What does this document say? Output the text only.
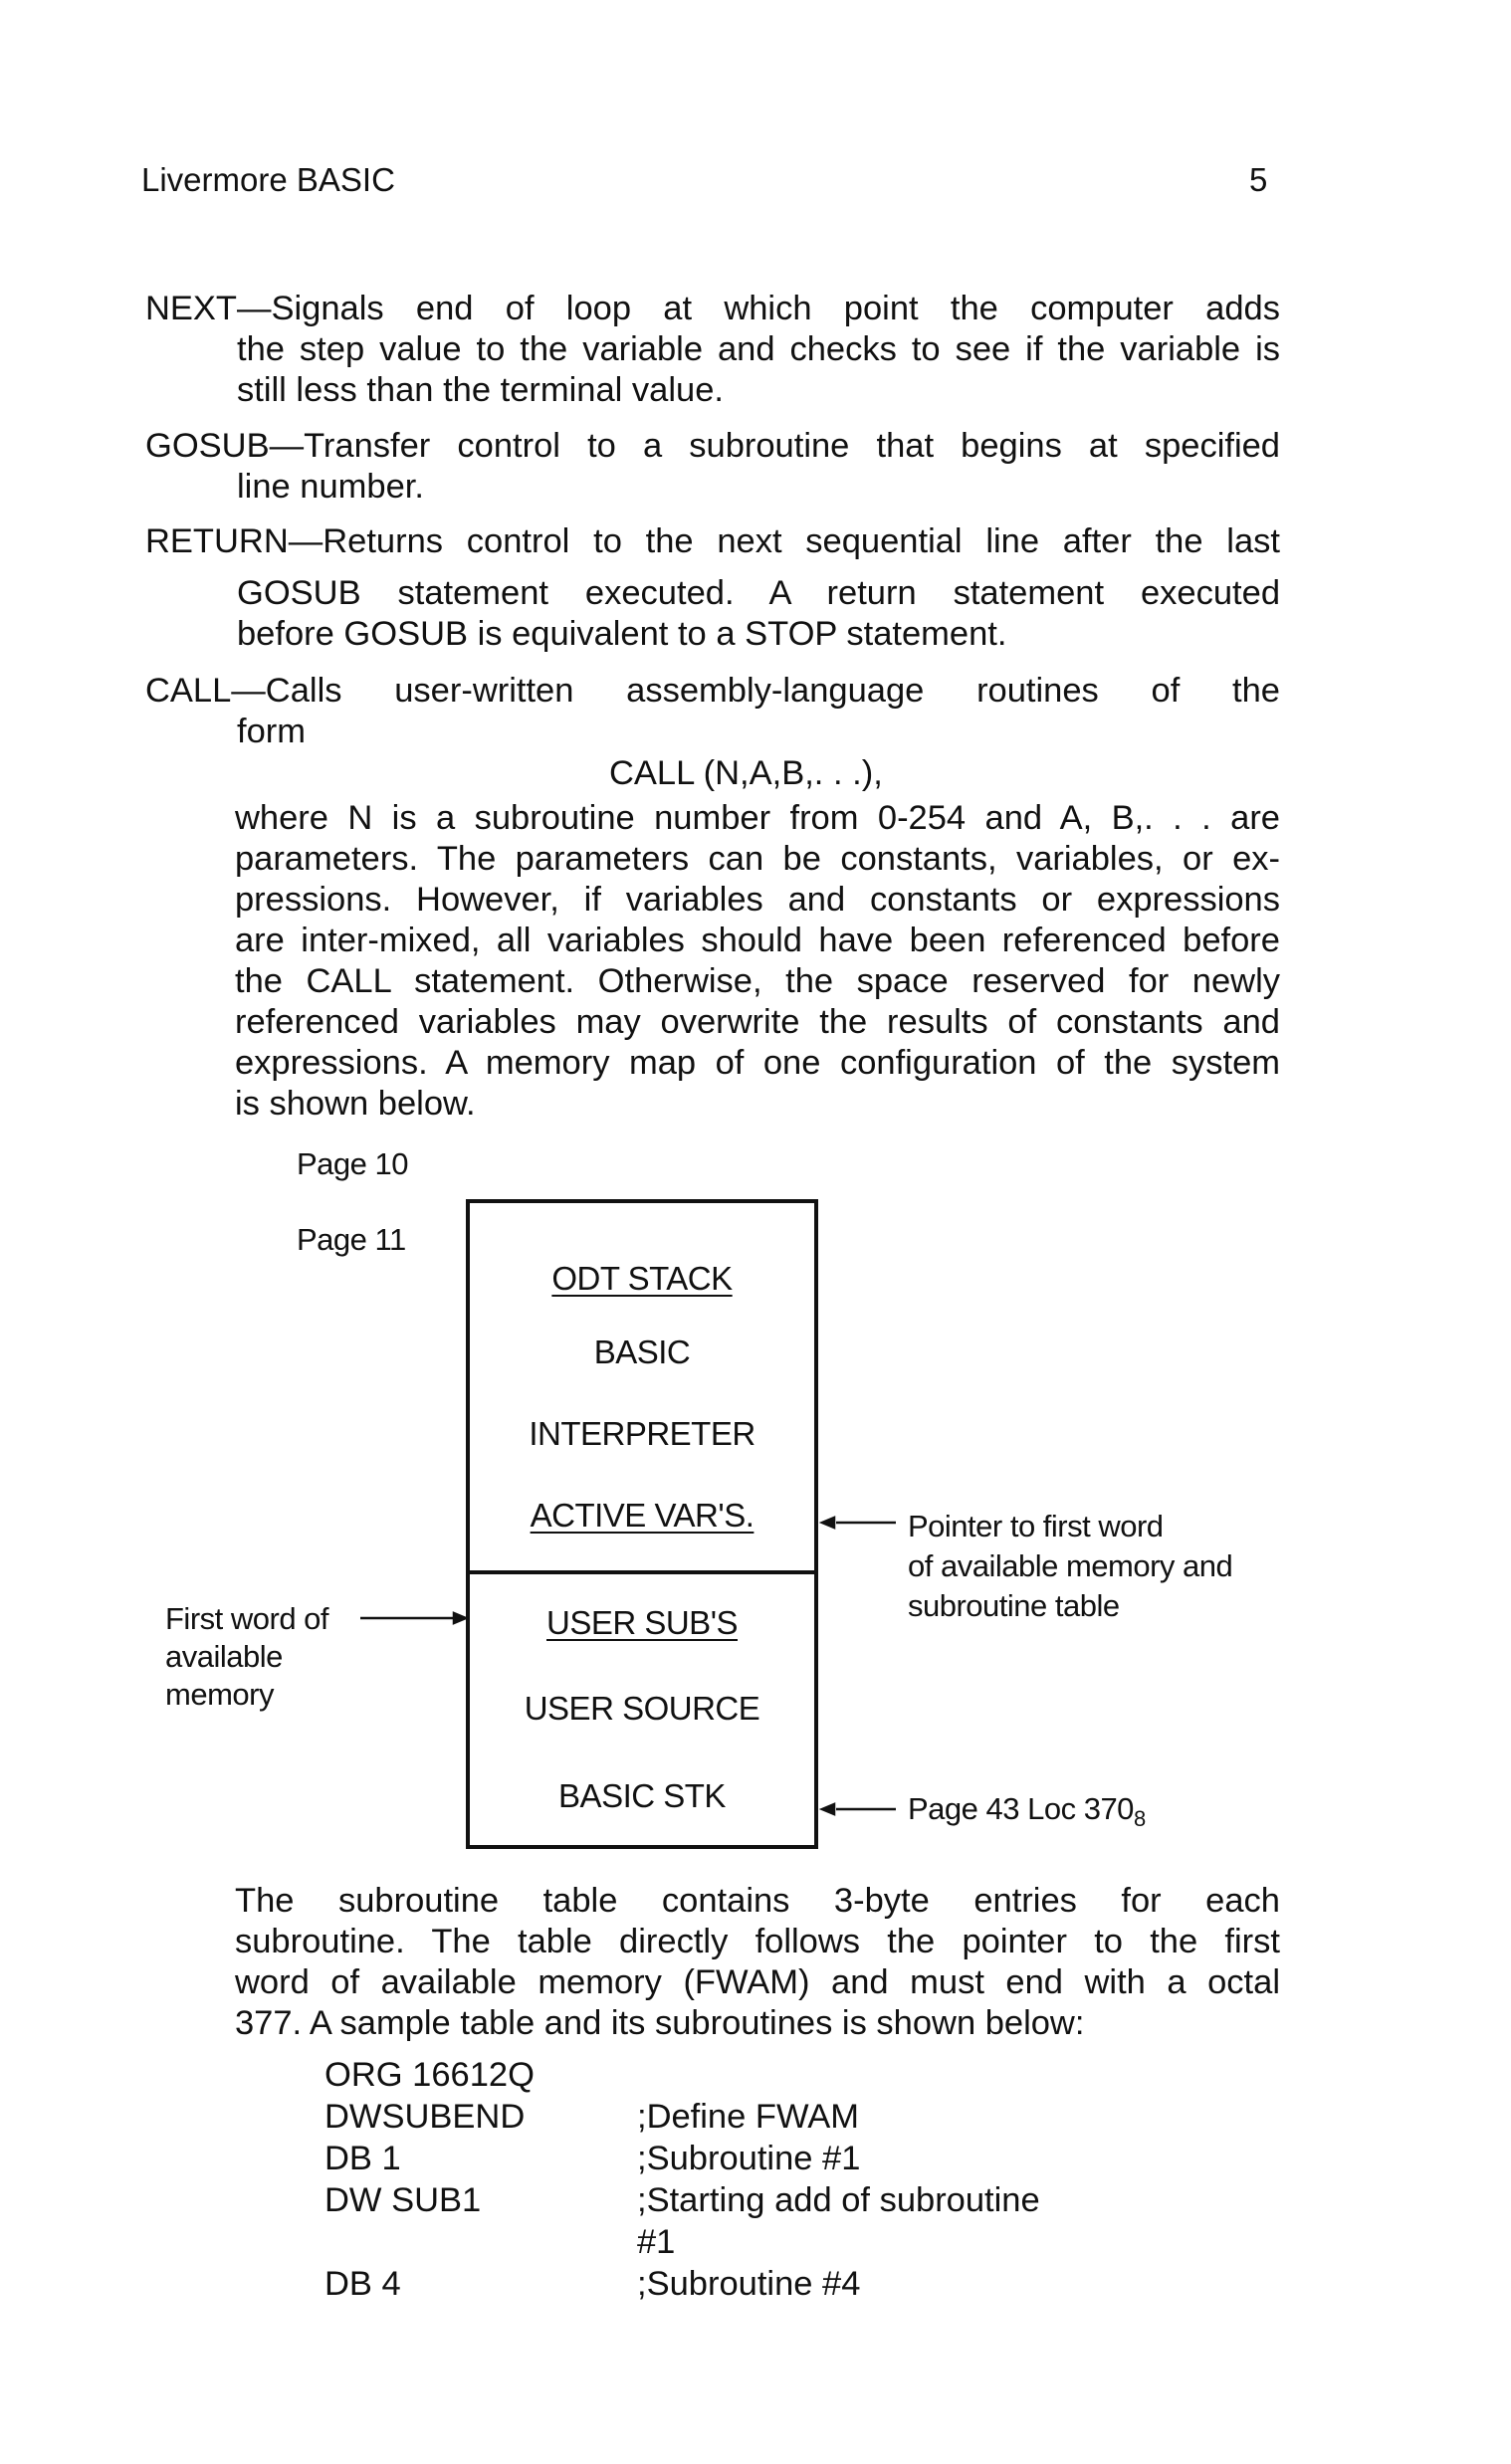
Livermore BASIC	5
NEXT—Signals end of loop at which point the computer adds
the step value to the variable and checks to see if the variable is
still less than the terminal value.
GOSUB—Transfer control to a subroutine that begins at specified
line number.
RETURN—Returns control to the next sequential line after the last
GOSUB statement executed. A return statement executed
before GOSUB is equivalent to a STOP statement.
CALL—Calls user-written assembly-language routines of the
form
CALL (N,A,B,. . .),
where N is a subroutine number from 0-254 and A, B,. . . are
parameters. The parameters can be constants, variables, or ex-
pressions. However, if variables and constants or expressions
are inter-mixed, all variables should have been referenced before
the CALL statement. Otherwise, the space reserved for newly
referenced variables may overwrite the results of constants and
expressions. A memory map of one configuration of the system
is shown below.
Page 10
Page 11
ODT STACK
BASIC
INTERPRETER
ACTIVE VAR'S.
USER SUB'S
USER SOURCE
BASIC STK
First word of
available
memory
Pointer to first word
of available memory and
subroutine table
Page 43 Loc $370_8$
The subroutine table contains 3-byte entries for each
subroutine. The table directly follows the pointer to the first
word of available memory (FWAM) and must end with a octal
377. A sample table and its subroutines is shown below:
ORG 16612Q
DWSUBEND
DB 1
DW SUB1
DB 4
;Define FWAM
;Subroutine #1
;Starting add of subroutine
#1
;Subroutine #4
